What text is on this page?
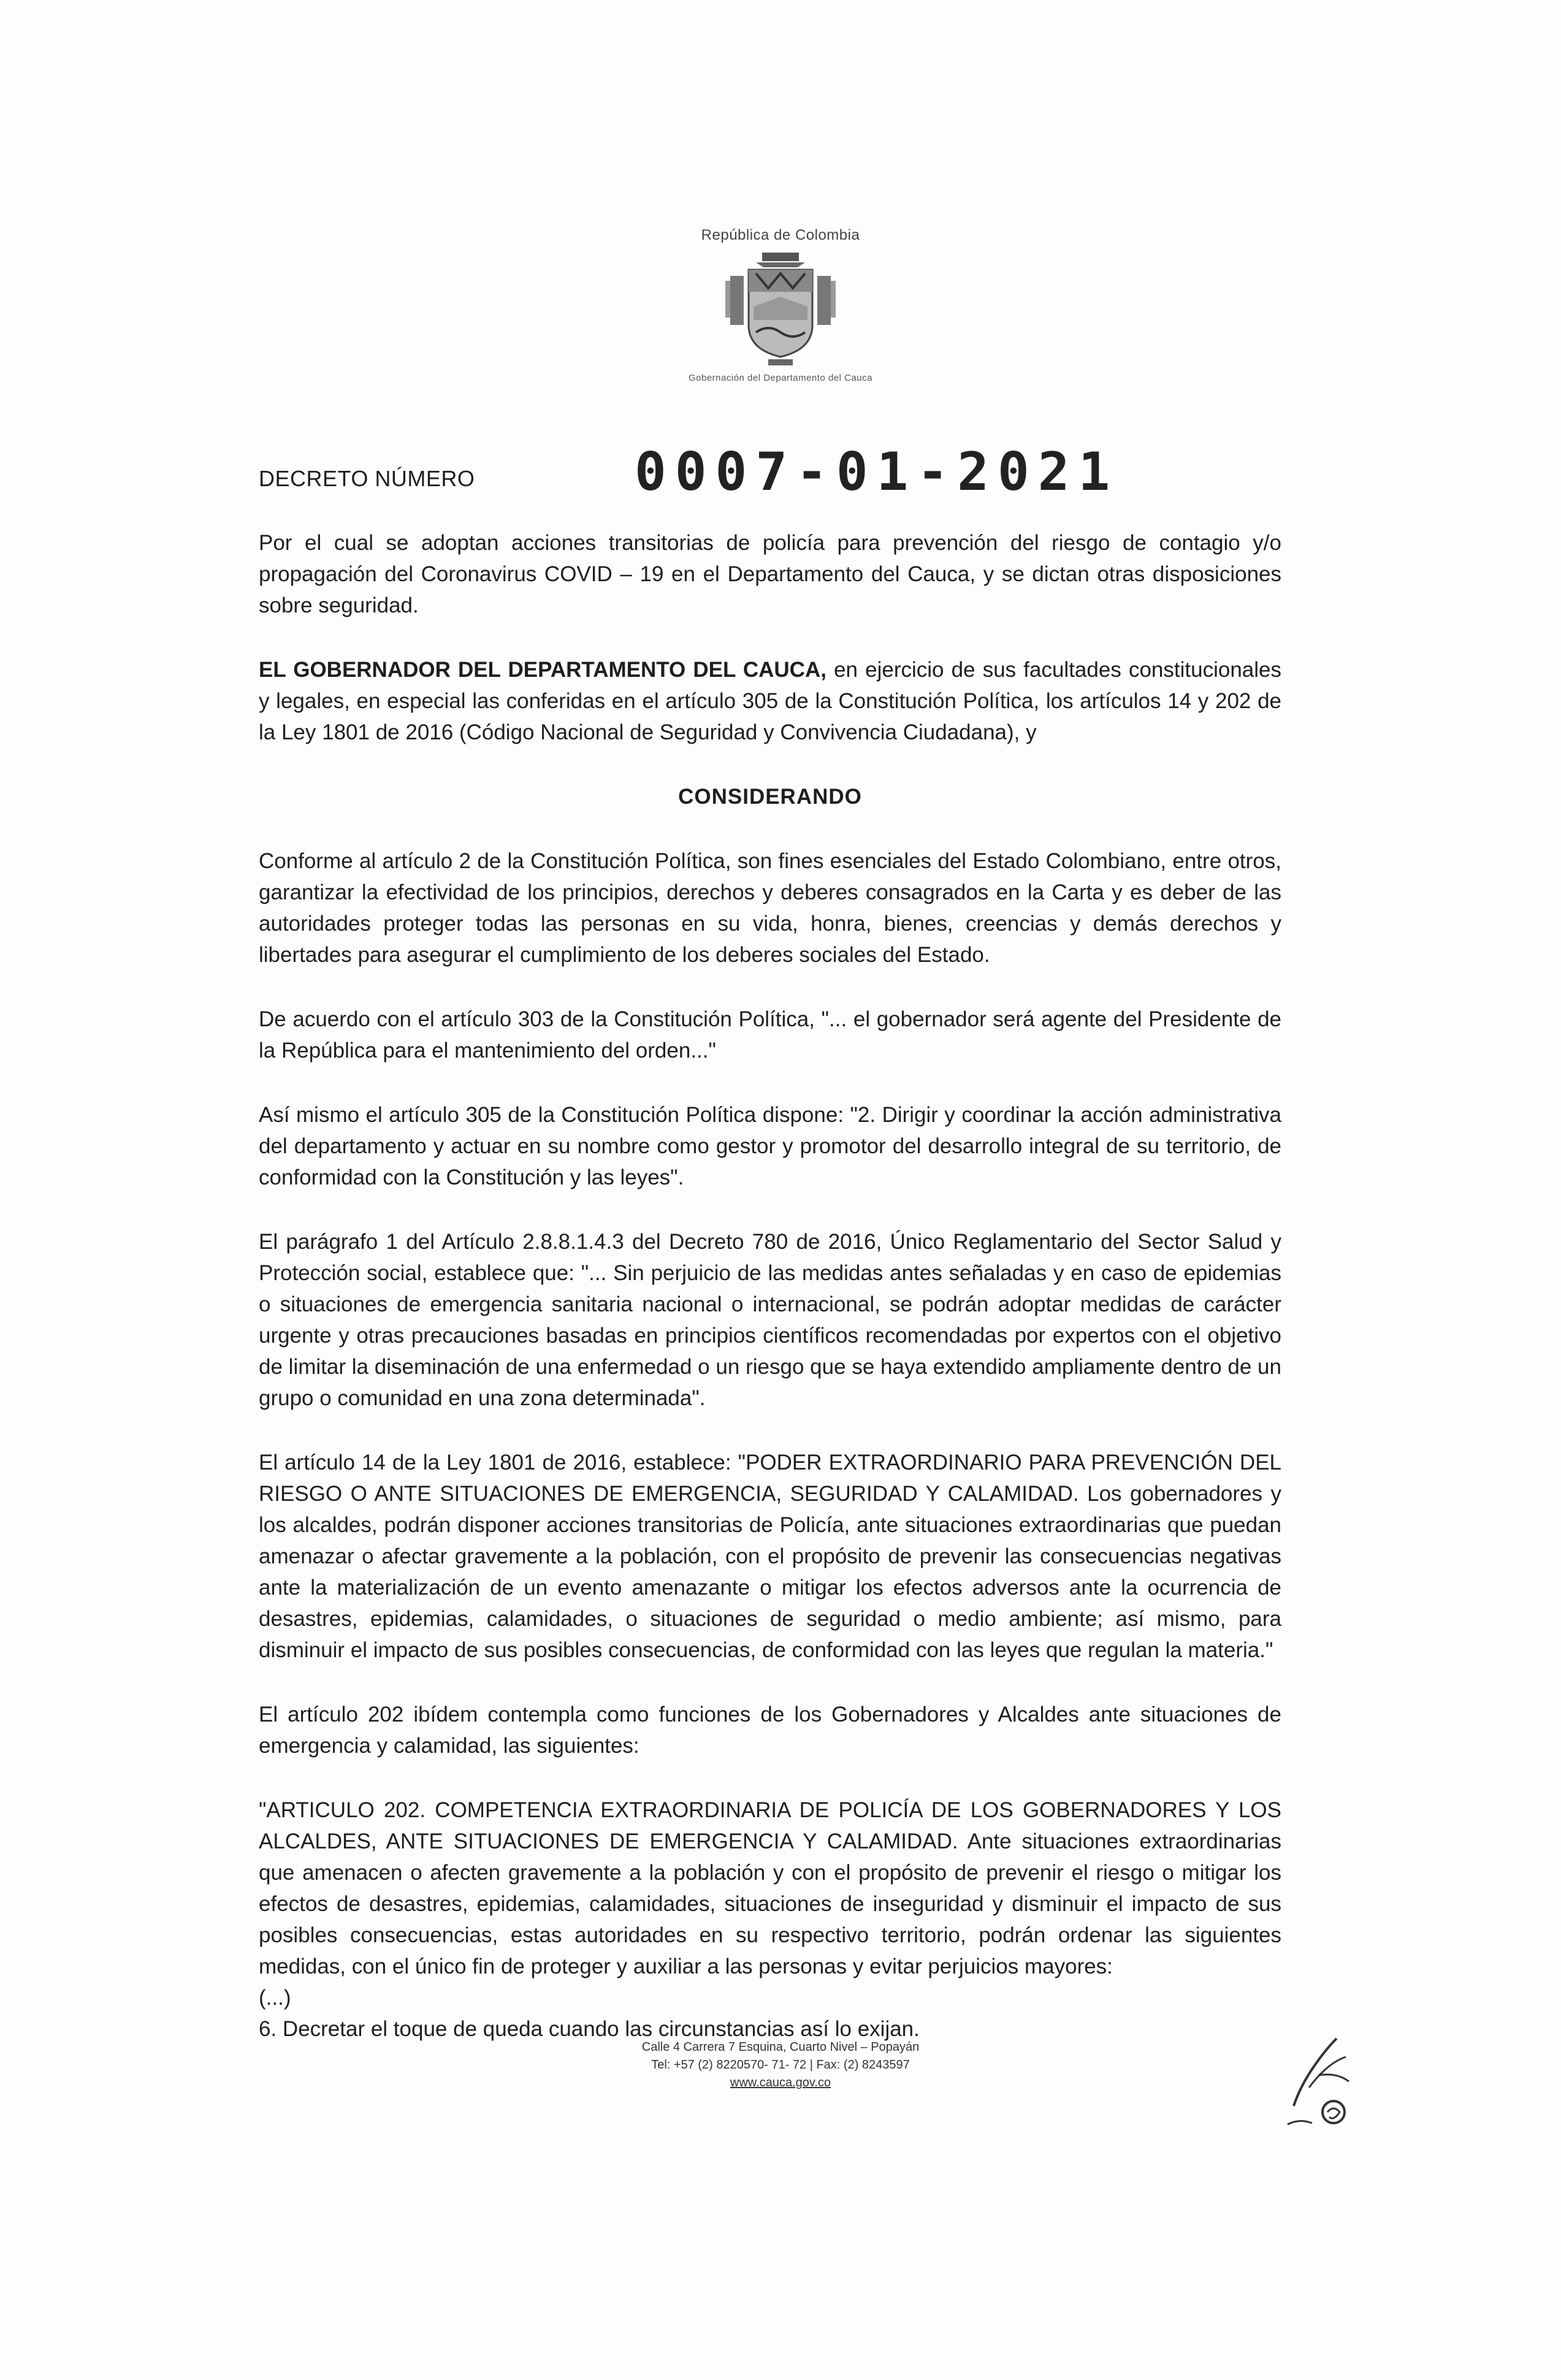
República de Colombia
Gobernación del Departamento del Cauca
DECRETO NÚMERO	0007-01-2021

Por el cual se adoptan acciones transitorias de policía para prevención del riesgo de contagio y/o propagación del Coronavirus COVID – 19 en el Departamento del Cauca, y se dictan otras disposiciones sobre seguridad.

EL GOBERNADOR DEL DEPARTAMENTO DEL CAUCA, en ejercicio de sus facultades constitucionales y legales, en especial las conferidas en el artículo 305 de la Constitución Política, los artículos 14 y 202 de la Ley 1801 de 2016 (Código Nacional de Seguridad y Convivencia Ciudadana), y

CONSIDERANDO

Conforme al artículo 2 de la Constitución Política, son fines esenciales del Estado Colombiano, entre otros, garantizar la efectividad de los principios, derechos y deberes consagrados en la Carta y es deber de las autoridades proteger todas las personas en su vida, honra, bienes, creencias y demás derechos y libertades para asegurar el cumplimiento de los deberes sociales del Estado.

De acuerdo con el artículo 303 de la Constitución Política, "... el gobernador será agente del Presidente de la República para el mantenimiento del orden..."

Así mismo el artículo 305 de la Constitución Política dispone: "2. Dirigir y coordinar la acción administrativa del departamento y actuar en su nombre como gestor y promotor del desarrollo integral de su territorio, de conformidad con la Constitución y las leyes".

El parágrafo 1 del Artículo 2.8.8.1.4.3 del Decreto 780 de 2016, Único Reglamentario del Sector Salud y Protección social, establece que: "... Sin perjuicio de las medidas antes señaladas y en caso de epidemias o situaciones de emergencia sanitaria nacional o internacional, se podrán adoptar medidas de carácter urgente y otras precauciones basadas en principios científicos recomendadas por expertos con el objetivo de limitar la diseminación de una enfermedad o un riesgo que se haya extendido ampliamente dentro de un grupo o comunidad en una zona determinada".

El artículo 14 de la Ley 1801 de 2016, establece: "PODER EXTRAORDINARIO PARA PREVENCIÓN DEL RIESGO O ANTE SITUACIONES DE EMERGENCIA, SEGURIDAD Y CALAMIDAD. Los gobernadores y los alcaldes, podrán disponer acciones transitorias de Policía, ante situaciones extraordinarias que puedan amenazar o afectar gravemente a la población, con el propósito de prevenir las consecuencias negativas ante la materialización de un evento amenazante o mitigar los efectos adversos ante la ocurrencia de desastres, epidemias, calamidades, o situaciones de seguridad o medio ambiente; así mismo, para disminuir el impacto de sus posibles consecuencias, de conformidad con las leyes que regulan la materia."

El artículo 202 ibídem contempla como funciones de los Gobernadores y Alcaldes ante situaciones de emergencia y calamidad, las siguientes:

"ARTICULO 202. COMPETENCIA EXTRAORDINARIA DE POLICÍA DE LOS GOBERNADORES Y LOS ALCALDES, ANTE SITUACIONES DE EMERGENCIA Y CALAMIDAD. Ante situaciones extraordinarias que amenacen o afecten gravemente a la población y con el propósito de prevenir el riesgo o mitigar los efectos de desastres, epidemias, calamidades, situaciones de inseguridad y disminuir el impacto de sus posibles consecuencias, estas autoridades en su respectivo territorio, podrán ordenar las siguientes medidas, con el único fin de proteger y auxiliar a las personas y evitar perjuicios mayores:

(...)

6. Decretar el toque de queda cuando las circunstancias así lo exijan.

Calle 4 Carrera 7 Esquina, Cuarto Nivel – Popayán
Tel: +57 (2) 8220570- 71- 72 | Fax: (2) 8243597
www.cauca.gov.co
